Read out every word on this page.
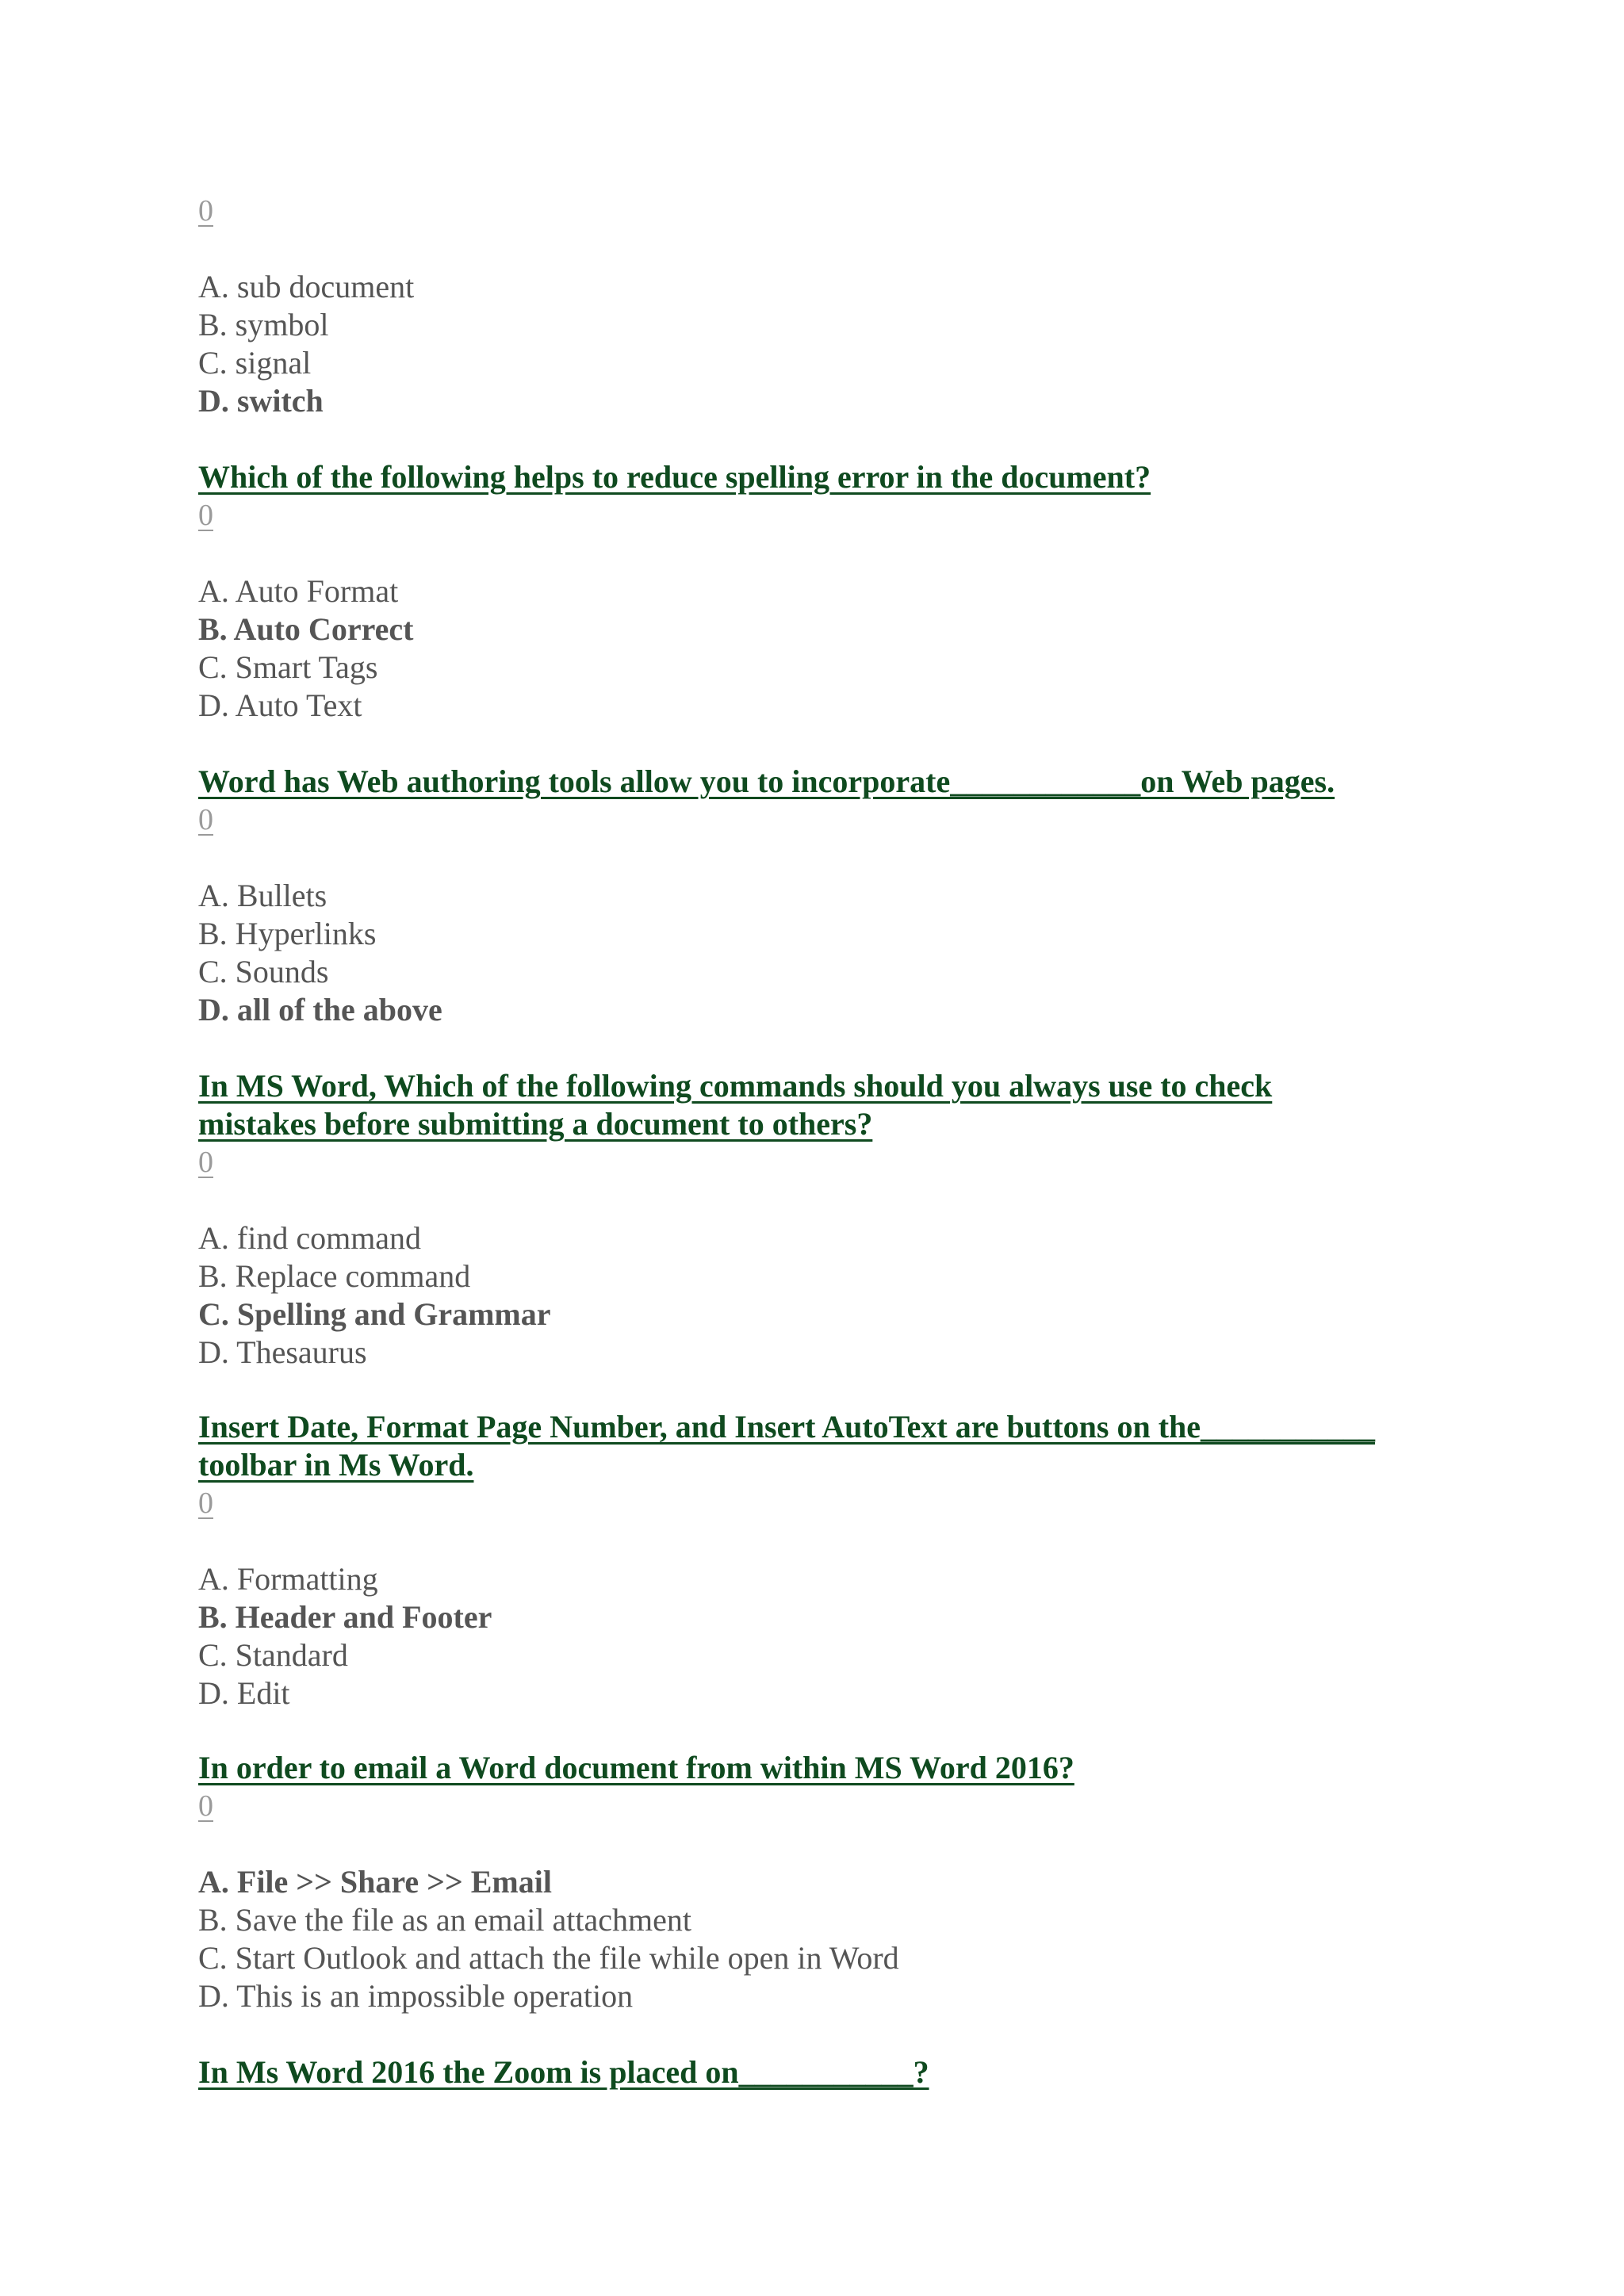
0
A. sub document
B. symbol
C. signal
D. switch

Which of the following helps to reduce spelling error in the document?

0
A. Auto Format
B. Auto Correct
C. Smart Tags
D. Auto Text

Word has Web authoring tools allow you to incorporate____________on Web pages.

0
A. Bullets
B. Hyperlinks
C. Sounds
D. all of the above

In MS Word, Which of the following commands should you always use to check mistakes before submitting a document to others?

0
A. find command
B. Replace command
C. Spelling and Grammar
D. Thesaurus

Insert Date, Format Page Number, and Insert AutoText are buttons on the___________ toolbar in Ms Word.

0
A. Formatting
B. Header and Footer
C. Standard
D. Edit

In order to email a Word document from within MS Word 2016?

0
A. File >> Share >> Email
B. Save the file as an email attachment
C. Start Outlook and attach the file while open in Word
D. This is an impossible operation

In Ms Word 2016 the Zoom is placed on___________?
